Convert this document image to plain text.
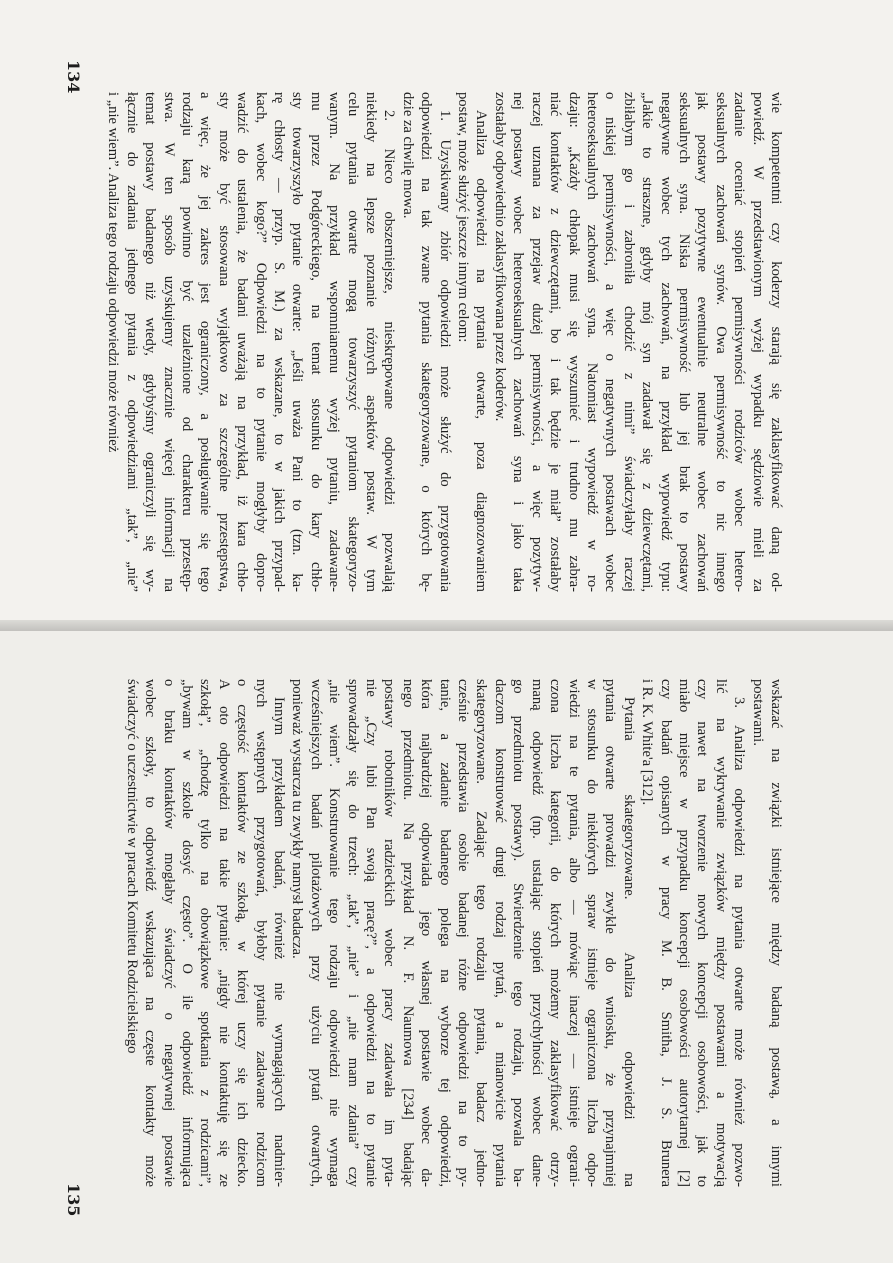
wie kompetentni czy koderzy starają się zaklasyfikować daną od-
powiedź. W przedstawionym wyżej wypadku sędziowie mieli za
zadanie oceniać stopień permisywności rodziców wobec hetero-
seksualnych zachowań synów. Owa permisywność to nic innego
jak postawy pozytywne ewentualnie neutralne wobec zachowań
seksualnych syna. Niska permisywność lub jej brak to postawy
negatywne wobec tych zachowań, na przykład wypowiedź typu:
„Jakie to straszne, gdyby mój syn zadawał się z dziewczętami,
zbiłabym go i zabroniła chodzić z nimi” świadczyłaby raczej
o niskiej permisywności, a więc o negatywnych postawach wobec
heteroseksualnych zachowań syna. Natomiast wypowiedź w ro-
dzaju: „Każdy chłopak musi się wyszumieć i trudno mu zabra-
niać kontaktów z dziewczętami, bo i tak będzie je miał” zostałaby
raczej uznana za przejaw dużej permisywności, a więc pozytyw-
nej postawy wobec heteroseksualnych zachowań syna i jako taka
zostałaby odpowiednio zaklasyfikowana przez koderów.
Analiza odpowiedzi na pytania otwarte, poza diagnozowaniem
postaw, może służyć jeszcze innym celom:
1. Uzyskiwany zbiór odpowiedzi może służyć do przygotowania
odpowiedzi na tak zwane pytania skategoryzowane, o których bę-
dzie za chwilę mowa.
2. Nieco obszerniejsze, nieskrępowane odpowiedzi pozwalają
niekiedy na lepsze poznanie różnych aspektów postaw. W tym
celu pytania otwarte mogą towarzyszyć pytaniom skategoryzo-
wanym. Na przykład wspomnianemu wyżej pytaniu, zadawane-
mu przez Podgóreckiego, na temat stosunku do kary chło-
sty towarzyszyło pytanie otwarte: „Jeśli uważa Pani to (tzn. ka-
rę chłosty — przyp. S. M.) za wskazane, to w jakich przypad-
kach, wobec kogo?” Odpowiedzi na to pytanie mogłyby dopro-
wadzić do ustalenia, że badani uważają na przykład, iż kara chło-
sty może być stosowana wyjątkowo za szczególne przestępstwa,
a więc, że jej zakres jest ograniczony, a posługiwanie się tego
rodzaju karą powinno być uzależnione od charakteru przestęp-
stwa. W ten sposób uzyskujemy znacznie więcej informacji na
temat postawy badanego niż wtedy, gdybyśmy ograniczyli się wy-
łącznie do zadania jednego pytania z odpowiedziami „tak”, „nie”
i „nie wiem”. Analiza tego rodzaju odpowiedzi może również
134
wskazać na związki istniejące między badaną postawą, a innymi
postawami.
3. Analiza odpowiedzi na pytania otwarte może również pozwo-
lić na wykrywanie związków między postawami a motywacją
czy nawet na tworzenie nowych koncepcji osobowości, jak to
miało miejsce w przypadku koncepcji osobowości autorytarnej [2]
czy badań opisanych w pracy M. B. Smitha, J. S. Brunera
i R. K. White'a [312].
Pytania skategoryzowane. Analiza odpowiedzi na
pytania otwarte prowadzi zwykle do wniosku, że przynajmniej
w stosunku do niektórych spraw istnieje ograniczona liczba odpo-
wiedzi na te pytania, albo — mówiąc inaczej — istnieje ograni-
czona liczba kategorii, do których możemy zaklasyfikować otrzy-
maną odpowiedź (np. ustalając stopień przychylności wobec dane-
go przedmiotu postawy). Stwierdzenie tego rodzaju, pozwala ba-
daczom konstruować drugi rodzaj pytań, a mianowicie pytania
skategoryzowane. Zadając tego rodzaju pytania, badacz jedno-
cześnie przedstawia osobie badanej różne odpowiedzi na to py-
tanie, a zadanie badanego polega na wyborze tej odpowiedzi,
która najbardziej odpowiada jego własnej postawie wobec da-
nego przedmiotu. Na przykład N. F. Naumowa [234] badając
postawy robotników radzieckich wobec pracy zadawała im pyta-
nie „Czy lubi Pan swoją pracę?”, a odpowiedzi na to pytanie
sprowadzały się do trzech: „tak”, „nie” i „nie mam zdania” czy
„nie wiem”. Konstruowanie tego rodzaju odpowiedzi nie wymaga
wcześniejszych badań pilotażowych przy użyciu pytań otwartych,
ponieważ wystarcza tu zwykły namysł badacza.
Innym przykładem badań, również nie wymagających nadmier-
nych wstępnych przygotowań, byłoby pytanie zadawane rodzicom
o częstość kontaktów ze szkołą, w której uczy się ich dziecko.
A oto odpowiedzi na takie pytanie: „nigdy nie kontaktuję się ze
szkołą”, „chodzę tylko na obowiązkowe spotkania z rodzicami”,
„bywam w szkole dosyć często”. O ile odpowiedź informująca
o braku kontaktów mogłaby świadczyć o negatywnej postawie
wobec szkoły, to odpowiedź wskazująca na częste kontakty może
świadczyć o uczestnictwie w pracach Komitetu Rodzicielskiego
135
